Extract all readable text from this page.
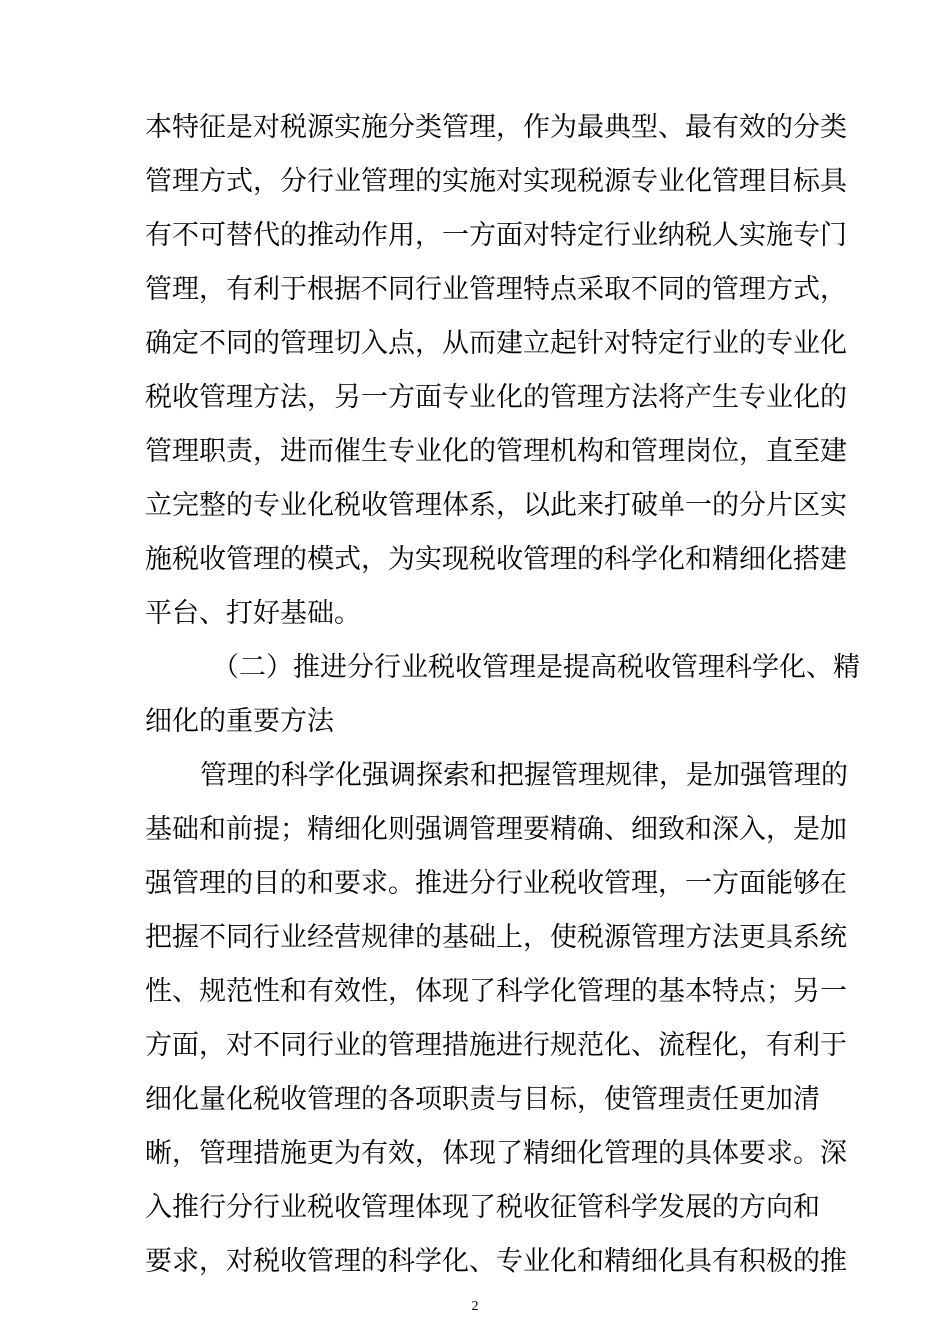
本特征是对税源实施分类管理，作为最典型、最有效的分类
管理方式，分行业管理的实施对实现税源专业化管理目标具
有不可替代的推动作用，一方面对特定行业纳税人实施专门
管理，有利于根据不同行业管理特点采取不同的管理方式，
确定不同的管理切入点，从而建立起针对特定行业的专业化
税收管理方法，另一方面专业化的管理方法将产生专业化的
管理职责，进而催生专业化的管理机构和管理岗位，直至建
立完整的专业化税收管理体系，以此来打破单一的分片区实
施税收管理的模式，为实现税收管理的科学化和精细化搭建
平台、打好基础。
（二）推进分行业税收管理是提高税收管理科学化、精
细化的重要方法
管理的科学化强调探索和把握管理规律，是加强管理的
基础和前提；精细化则强调管理要精确、细致和深入，是加
强管理的目的和要求。推进分行业税收管理，一方面能够在
把握不同行业经营规律的基础上，使税源管理方法更具系统
性、规范性和有效性，体现了科学化管理的基本特点；另一
方面，对不同行业的管理措施进行规范化、流程化，有利于
细化量化税收管理的各项职责与目标，使管理责任更加清
晰，管理措施更为有效，体现了精细化管理的具体要求。深
入推行分行业税收管理体现了税收征管科学发展的方向和
要求，对税收管理的科学化、专业化和精细化具有积极的推
2
